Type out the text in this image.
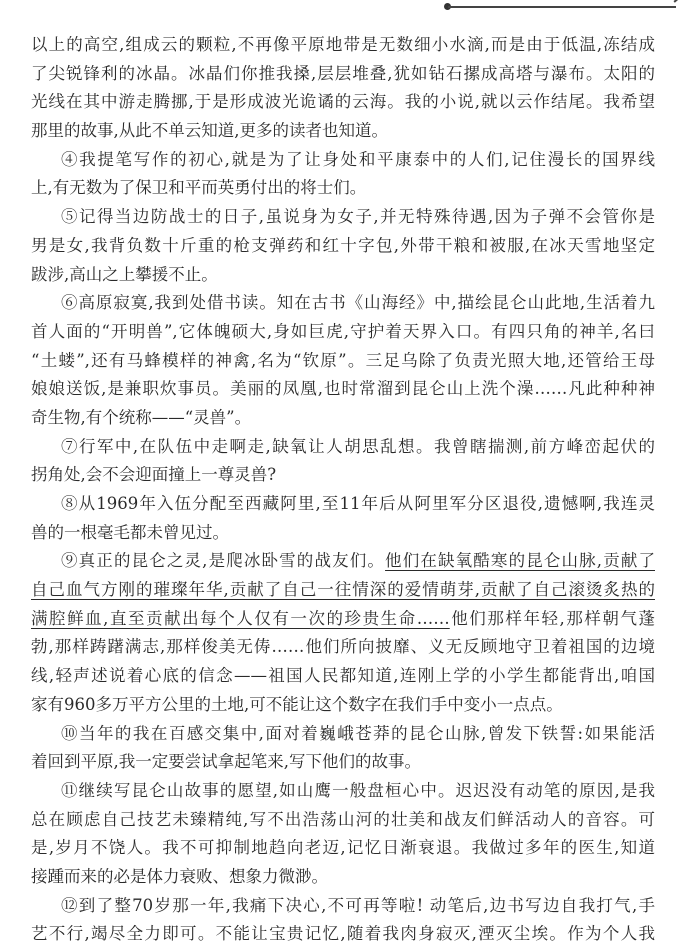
以上的高空,组成云的颗粒,不再像平原地带是无数细小水滴,而是由于低温,冻结成
了尖锐锋利的冰晶。冰晶们你推我搡,层层堆叠,犹如钻石摞成高塔与瀑布。太阳的
光线在其中游走腾挪,于是形成波光诡谲的云海。我的小说,就以云作结尾。我希望
那里的故事,从此不单云知道,更多的读者也知道。
④我提笔写作的初心,就是为了让身处和平康泰中的人们,记住漫长的国界线
上,有无数为了保卫和平而英勇付出的将士们。
⑤记得当边防战士的日子,虽说身为女子,并无特殊待遇,因为子弹不会管你是
男是女,我背负数十斤重的枪支弹药和红十字包,外带干粮和被服,在冰天雪地坚定
跋涉,高山之上攀援不止。
⑥高原寂寞,我到处借书读。知在古书《山海经》中,描绘昆仑山此地,生活着九
首人面的“开明兽”,它体魄硕大,身如巨虎,守护着天界入口。有四只角的神羊,名曰
“土蝼”,还有马蜂模样的神禽,名为“钦原”。三足乌除了负责光照大地,还管给王母
娘娘送饭,是兼职炊事员。美丽的凤凰,也时常溜到昆仑山上洗个澡……凡此种种神
奇生物,有个统称——“灵兽”。
⑦行军中,在队伍中走啊走,缺氧让人胡思乱想。我曾瞎揣测,前方峰峦起伏的
拐角处,会不会迎面撞上一尊灵兽?
⑧从1969年入伍分配至西藏阿里,至11年后从阿里军分区退役,遗憾啊,我连灵
兽的一根毫毛都未曾见过。
⑨真正的昆仑之灵,是爬冰卧雪的战友们。他们在缺氧酷寒的昆仑山脉,贡献了
自己血气方刚的璀璨年华,贡献了自己一往情深的爱情萌芽,贡献了自己滚烫炙热的
满腔鲜血,直至贡献出每个人仅有一次的珍贵生命……他们那样年轻,那样朝气蓬
勃,那样踌躇满志,那样俊美无俦……他们所向披靡、义无反顾地守卫着祖国的边境
线,轻声述说着心底的信念——祖国人民都知道,连刚上学的小学生都能背出,咱国
家有960多万平方公里的土地,可不能让这个数字在我们手中变小一点点。
⑩当年的我在百感交集中,面对着巍峨苍莽的昆仑山脉,曾发下铁誓:如果能活
着回到平原,我一定要尝试拿起笔来,写下他们的故事。
⑪继续写昆仑山故事的愿望,如山鹰一般盘桓心中。迟迟没有动笔的原因,是我
总在顾虑自己技艺未臻精纯,写不出浩荡山河的壮美和战友们鲜活动人的音容。可
是,岁月不饶人。我不可抑制地趋向老迈,记忆日渐衰退。我做过多年的医生,知道
接踵而来的必是体力衰败、想象力微渺。
⑫到了整70岁那一年,我痛下决心,不可再等啦! 动笔后,边书写边自我打气,手
艺不行,竭尽全力即可。不能让宝贵记忆,随着我肉身寂灭,湮灭尘埃。作为个人我
